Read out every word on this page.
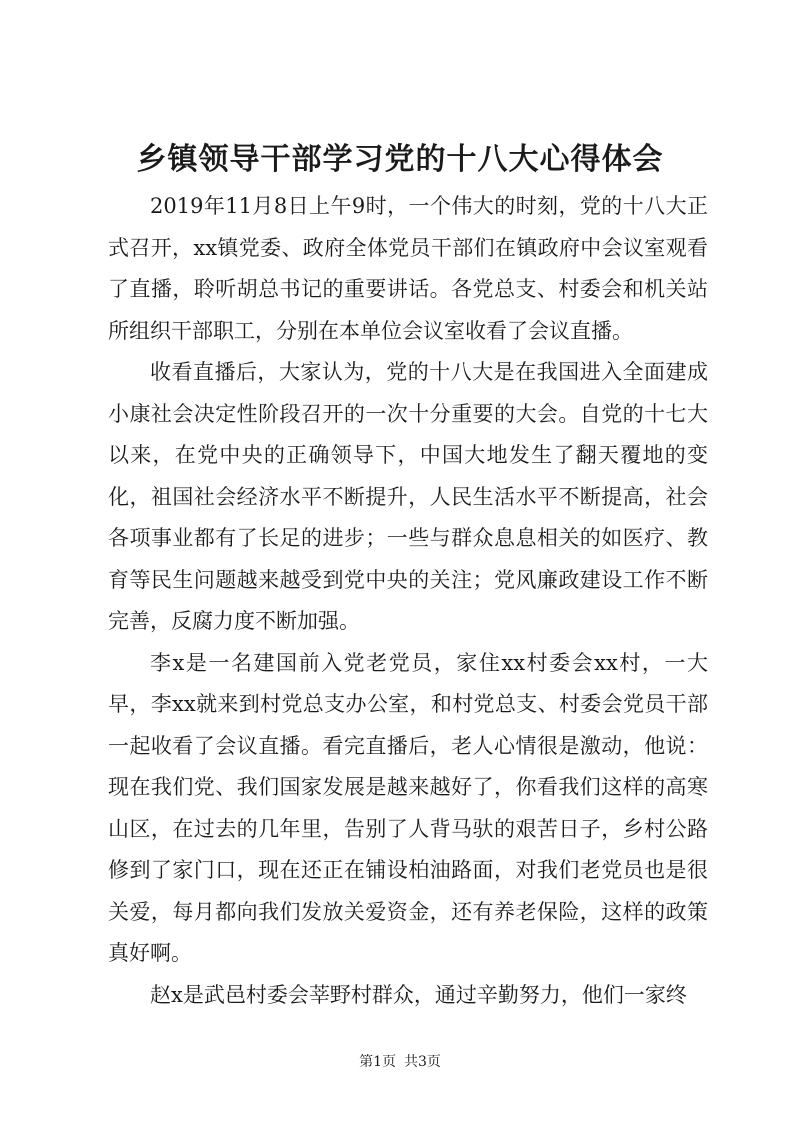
乡镇领导干部学习党的十八大心得体会

2019年11月8日上午9时，一个伟大的时刻，党的十八大正式召开，xx镇党委、政府全体党员干部们在镇政府中会议室观看了直播，聆听胡总书记的重要讲话。各党总支、村委会和机关站所组织干部职工，分别在本单位会议室收看了会议直播。

收看直播后，大家认为，党的十八大是在我国进入全面建成小康社会决定性阶段召开的一次十分重要的大会。自党的十七大以来，在党中央的正确领导下，中国大地发生了翻天覆地的变化，祖国社会经济水平不断提升，人民生活水平不断提高，社会各项事业都有了长足的进步；一些与群众息息相关的如医疗、教育等民生问题越来越受到党中央的关注；党风廉政建设工作不断完善，反腐力度不断加强。

李x是一名建国前入党老党员，家住xx村委会xx村，一大早，李xx就来到村党总支办公室，和村党总支、村委会党员干部一起收看了会议直播。看完直播后，老人心情很是激动，他说：现在我们党、我们国家发展是越来越好了，你看我们这样的高寒山区，在过去的几年里，告别了人背马驮的艰苦日子，乡村公路修到了家门口，现在还正在铺设柏油路面，对我们老党员也是很关爱，每月都向我们发放关爱资金，还有养老保险，这样的政策真好啊。

赵x是武邑村委会莘野村群众，通过辛勤努力，他们一家终

第1页 共3页
